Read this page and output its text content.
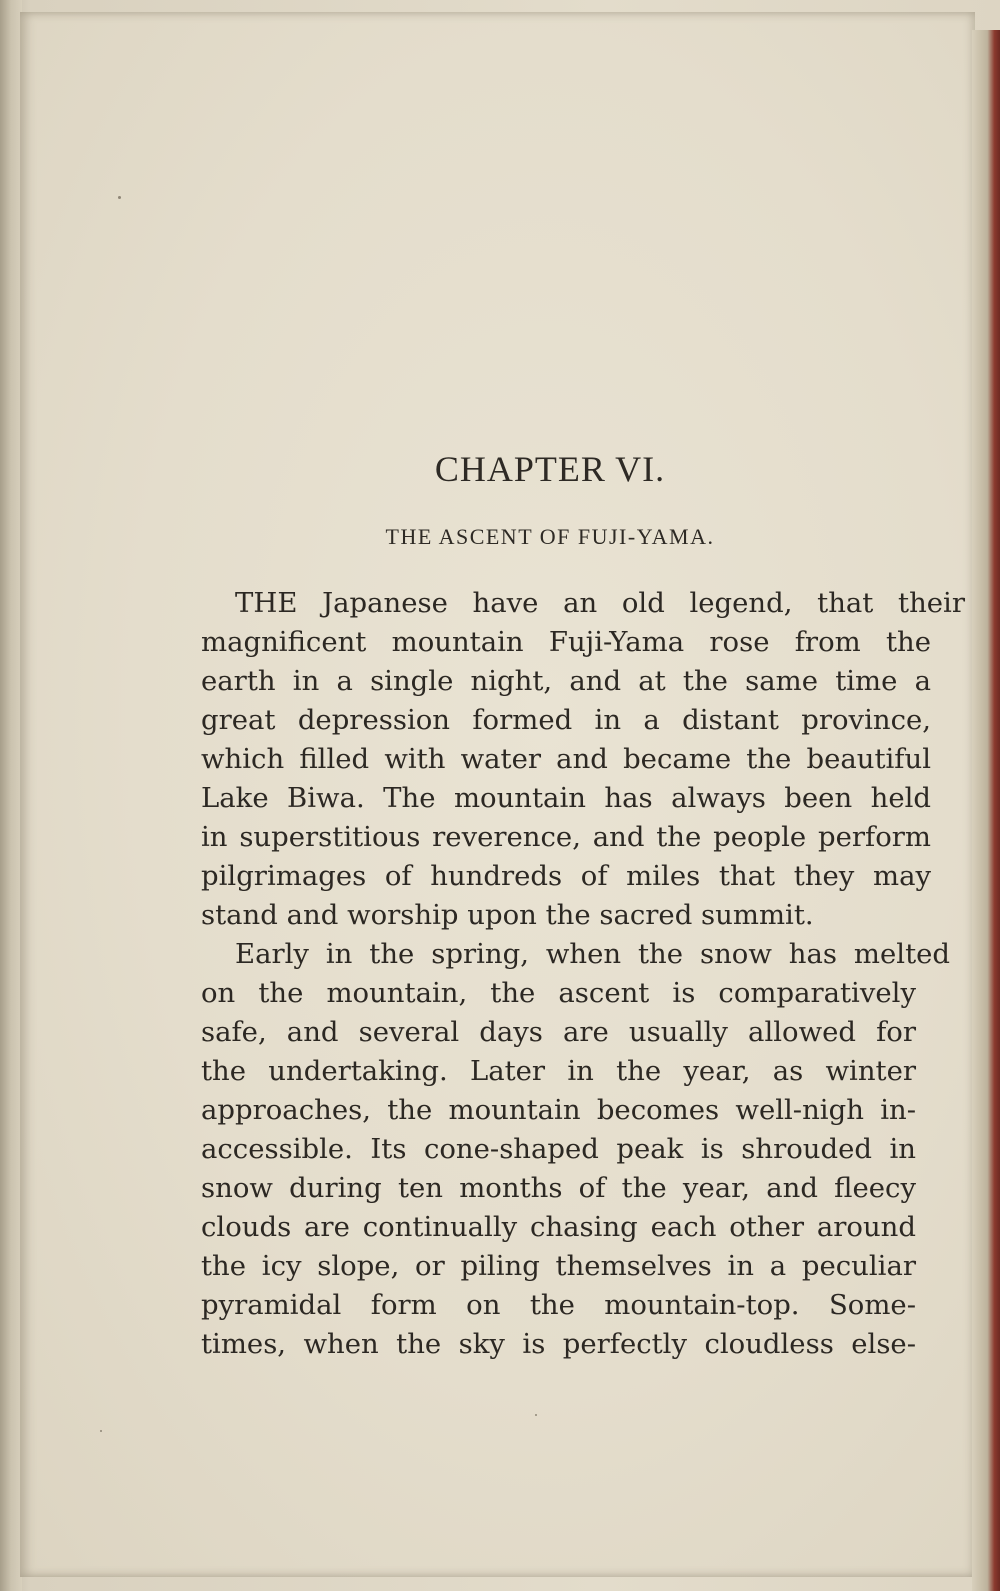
CHAPTER VI.
THE ASCENT OF FUJI-YAMA.
THE Japanese have an old legend, that their
magnificent mountain Fuji-Yama rose from the
earth in a single night, and at the same time a
great depression formed in a distant province,
which filled with water and became the beautiful
Lake Biwa. The mountain has always been held
in superstitious reverence, and the people perform
pilgrimages of hundreds of miles that they may
stand and worship upon the sacred summit.
Early in the spring, when the snow has melted
on the mountain, the ascent is comparatively
safe, and several days are usually allowed for
the undertaking. Later in the year, as winter
approaches, the mountain becomes well-nigh in-
accessible. Its cone-shaped peak is shrouded in
snow during ten months of the year, and fleecy
clouds are continually chasing each other around
the icy slope, or piling themselves in a peculiar
pyramidal form on the mountain-top. Some-
times, when the sky is perfectly cloudless else-
